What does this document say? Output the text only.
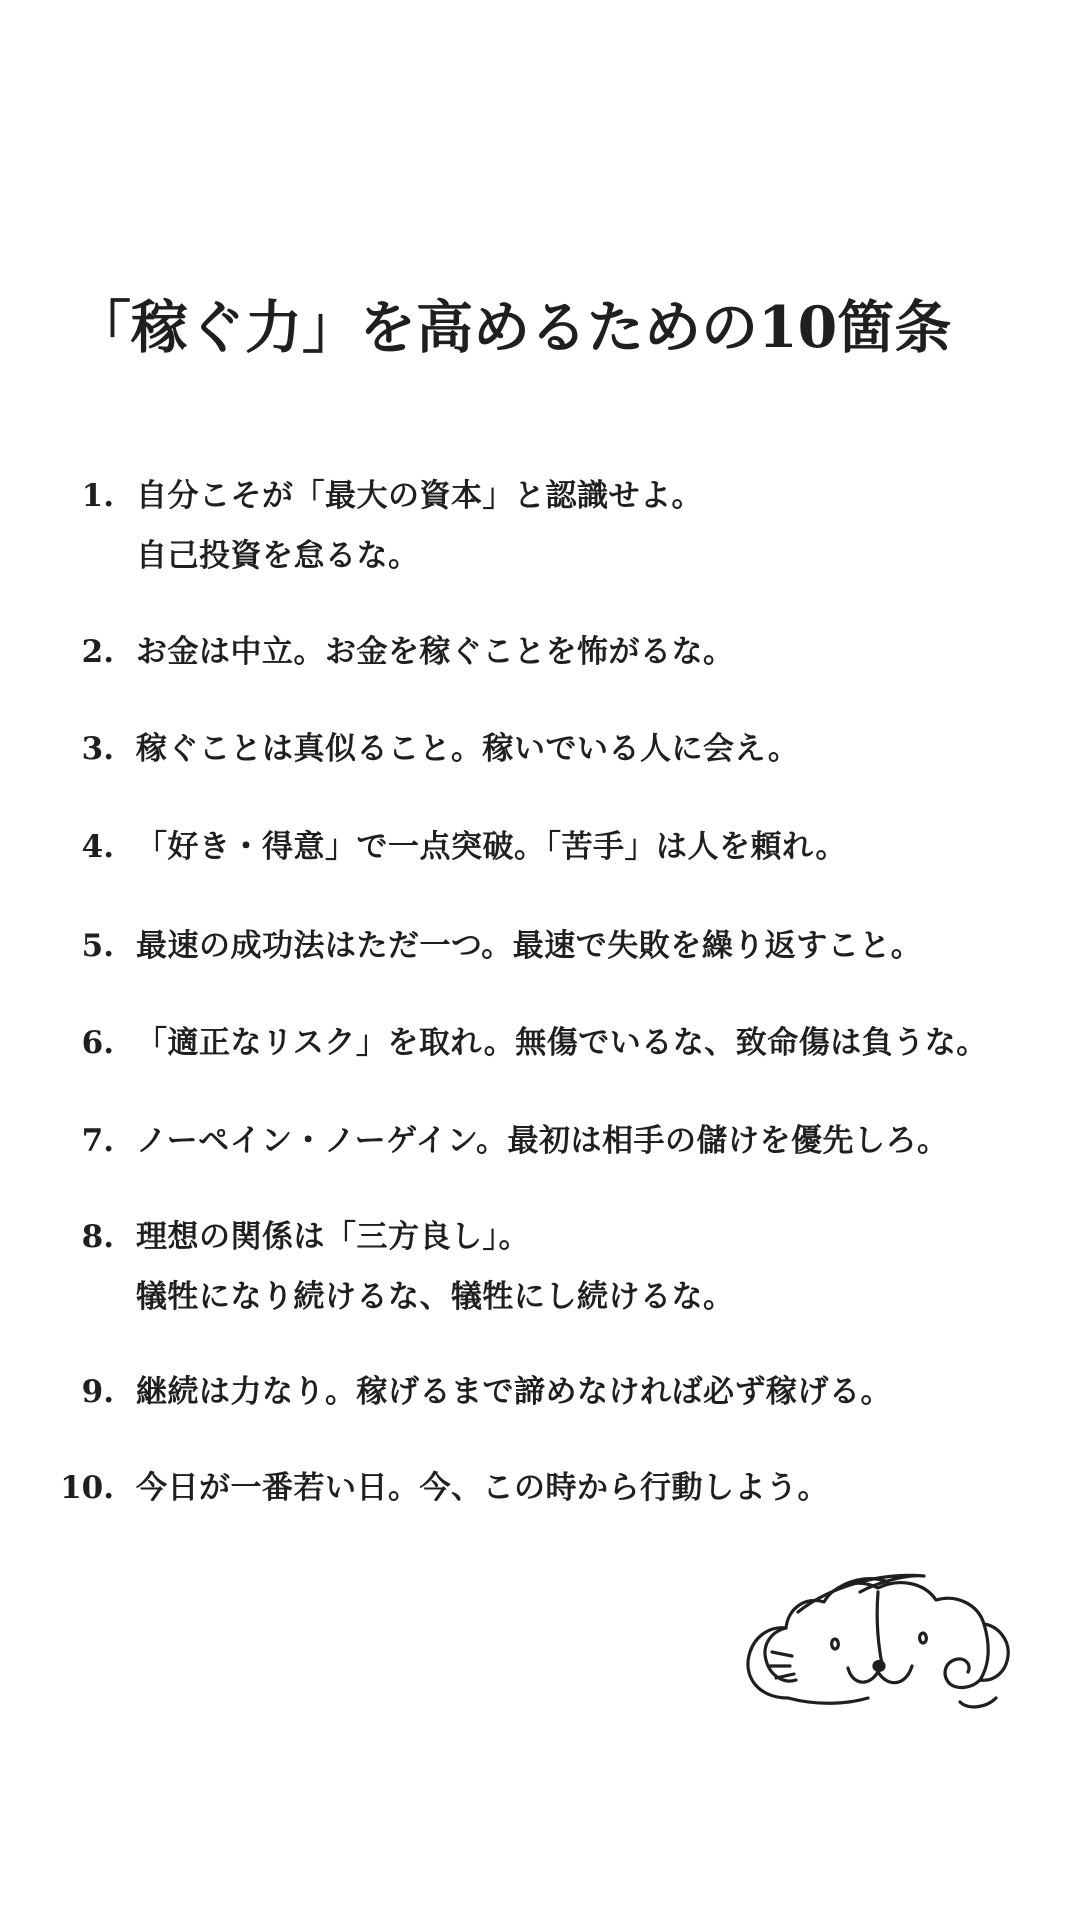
「稼ぐ力」を高めるための10箇条
1. 自分こそが「最大の資本」と認識せよ。
自己投資を怠るな。
2. お金は中立。お金を稼ぐことを怖がるな。
3. 稼ぐことは真似ること。稼いでいる人に会え。
4. 「好き・得意」で一点突破。「苦手」は人を頼れ。
5. 最速の成功法はただ一つ。最速で失敗を繰り返すこと。
6. 「適正なリスク」を取れ。無傷でいるな、致命傷は負うな。
7. ノーペイン・ノーゲイン。最初は相手の儲けを優先しろ。
8. 理想の関係は「三方良し」。
犠牲になり続けるな、犠牲にし続けるな。
9. 継続は力なり。稼げるまで諦めなければ必ず稼げる。
10. 今日が一番若い日。今、この時から行動しよう。
